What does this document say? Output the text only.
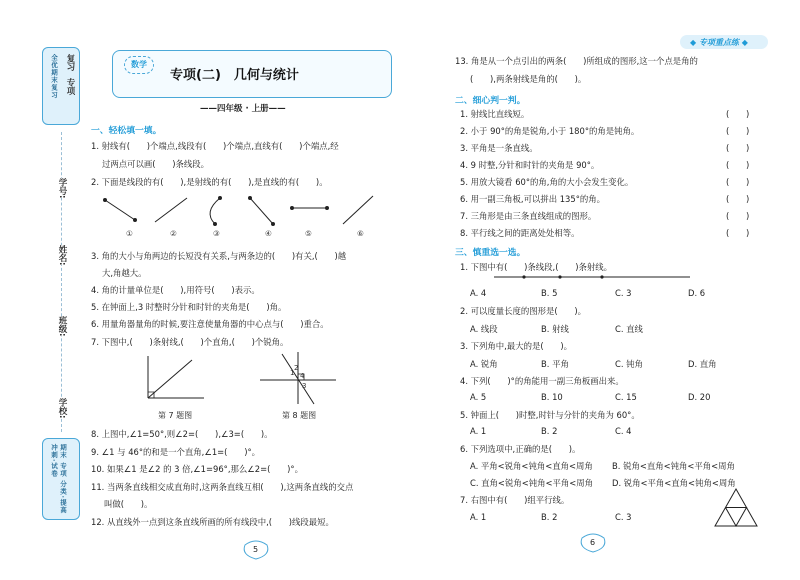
全优期末复习 复习
专项
学号:
姓名:
班级:
学校:
期末 专项 分类·提高 冲刺·试卷
数学
专项(二)　几何与统计
——四年级 · 上册——
一、轻松填一填。
1. 射线有(　　)个端点,线段有(　　)个端点,直线有(　　)个端点,经
过两点可以画(　　)条线段。
2. 下面是线段的有(　　),是射线的有(　　),是直线的有(　　)。
①	②	③	④	⑤	⑥
3. 角的大小与角两边的长短没有关系,与两条边的(　　)有关,(　　)越
大,角越大。
4. 角的计量单位是(　　),用符号(　　)表示。
5. 在钟面上,3 时整时分针和时针的夹角是(　　)角。
6. 用量角器量角的时候,要注意使量角器的中心点与(　　)重合。
7. 下图中,(　　)条射线,(　　)个直角,(　　)个锐角。
第 7 题图
1
2
4
3
第 8 题图
8. 上图中,∠1=50°,则∠2=(　　),∠3=(　　)。
9. ∠1 与 46°的和是一个直角,∠1=(　　)°。
10. 如果∠1 是∠2 的 3 倍,∠1=96°,那么∠2=(　　)°。
11. 当两条直线相交成直角时,这两条直线互相(　　),这两条直线的交点
叫做(　　)。
12. 从直线外一点到这条直线所画的所有线段中,(　　)线段最短。
5
◆ 专项重点练 ◆
13. 角是从一个点引出的两条(　　)所组成的图形,这一个点是角的
(　　),两条射线是角的(　　)。
二、细心判一判。
1. 射线比直线短。	(　　)
2. 小于 90°的角是锐角,小于 180°的角是钝角。	(　　)
3. 平角是一条直线。	(　　)
4. 9 时整,分针和时针的夹角是 90°。	(　　)
5. 用放大镜看 60°的角,角的大小会发生变化。	(　　)
6. 用一副三角板,可以拼出 135°的角。	(　　)
7. 三角形是由三条直线组成的图形。	(　　)
8. 平行线之间的距离处处相等。	(　　)
三、慎重选一选。
1. 下图中有(　　)条线段,(　　)条射线。
A. 4	B. 5	C. 3	D. 6
2. 可以度量长度的图形是(　　)。
A. 线段	B. 射线	C. 直线
3. 下列角中,最大的是(　　)。
A. 锐角	B. 平角	C. 钝角	D. 直角
4. 下列(　　)°的角能用一副三角板画出来。
A. 5	B. 10	C. 15	D. 20
5. 钟面上(　　)时整,时针与分针的夹角为 60°。
A. 1	B. 2	C. 4
6. 下列选项中,正确的是(　　)。
A. 平角<锐角<钝角<直角<周角 B. 锐角<直角<钝角<平角<周角
C. 直角<锐角<钝角<平角<周角 D. 锐角<平角<直角<钝角<周角
7. 右图中有(　　)组平行线。
A. 1	B. 2	C. 3
6
